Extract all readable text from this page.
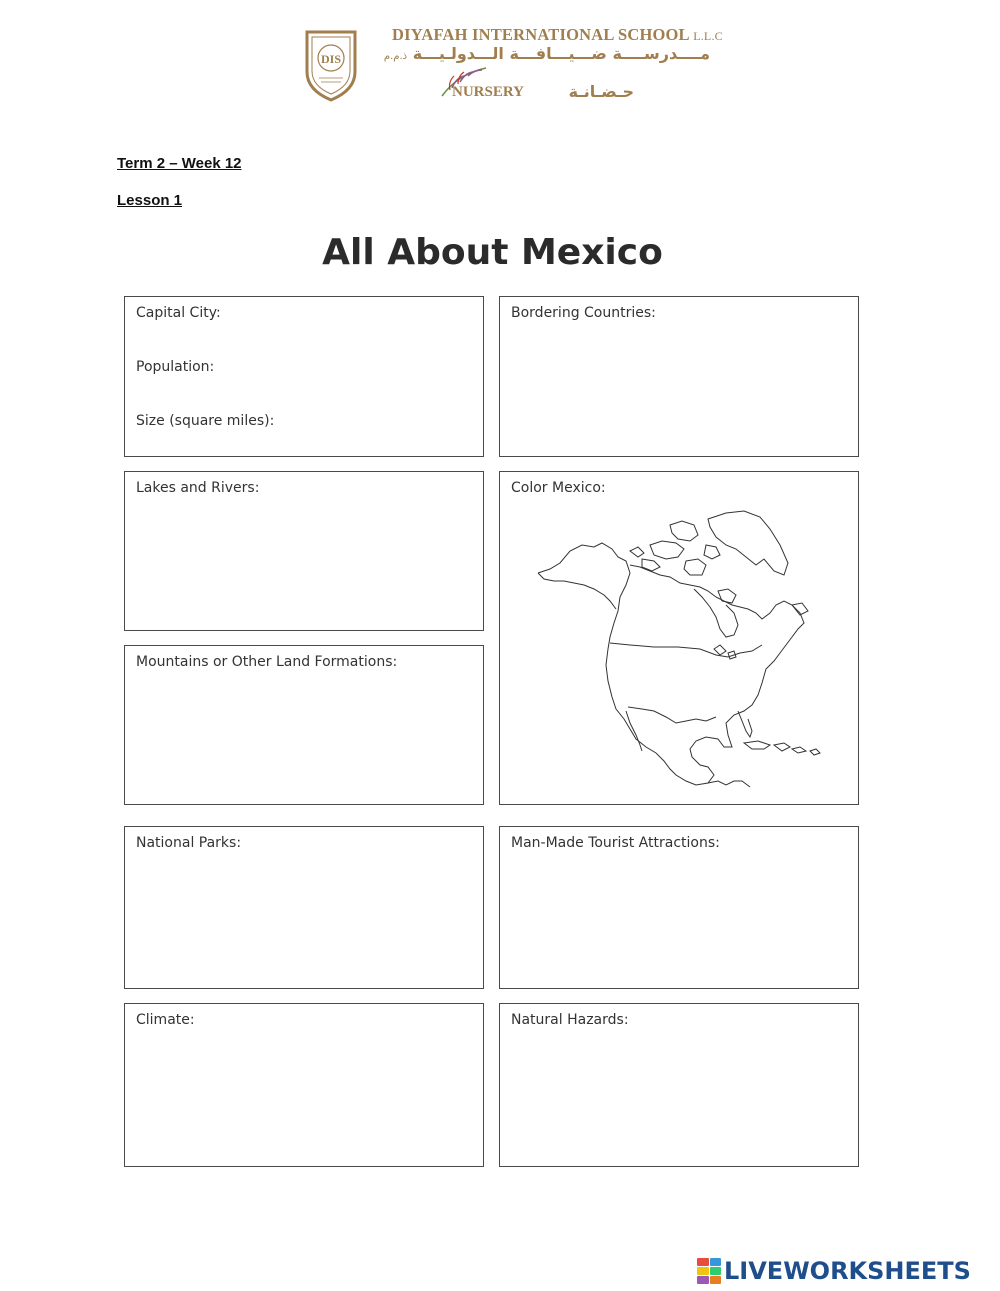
DIS
DIYAFAH INTERNATIONAL SCHOOL L.L.C
مــــدرســــة ضـــيـــافـــة الـــدولـيـــة ذ.م.م
NURSERY	حـضـانـة
Term 2 – Week 12
Lesson 1
All About Mexico
Capital City:
Population:
Size (square miles):
Bordering Countries:
Lakes and Rivers:	Color Mexico:
Mountains or Other Land Formations:
National Parks:	Man-Made Tourist Attractions:
Climate:	Natural Hazards:
LIVEWORKSHEETS
